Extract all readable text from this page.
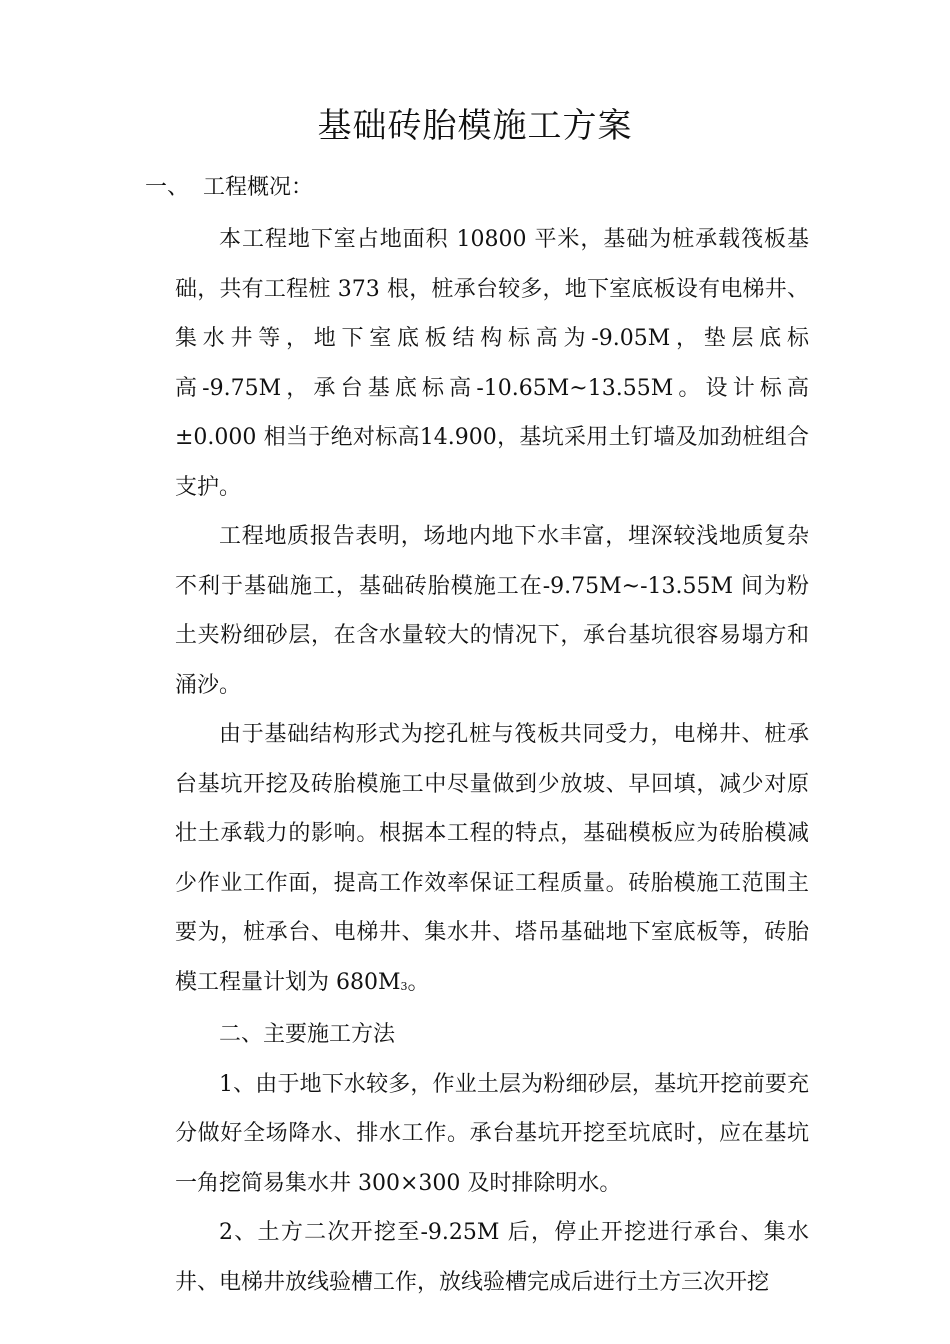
基础砖胎模施工方案
一、 工程概况：

本工程地下室占地面积 10800 平米，基础为桩承载筏板基础，共有工程桩 373 根，桩承台较多，地下室底板设有电梯井、集水井等，地下室底板结构标高为-9.05M，垫层底标高-9.75M，承台基底标高-10.65M~13.55M。设计标高±0.000 相当于绝对标高14.900，基坑采用土钉墙及加劲桩组合支护。

工程地质报告表明，场地内地下水丰富，埋深较浅地质复杂不利于基础施工，基础砖胎模施工在-9.75M~-13.55M 间为粉土夹粉细砂层，在含水量较大的情况下，承台基坑很容易塌方和涌沙。

由于基础结构形式为挖孔桩与筏板共同受力，电梯井、桩承台基坑开挖及砖胎模施工中尽量做到少放坡、早回填，减少对原壮土承载力的影响。根据本工程的特点，基础模板应为砖胎模减少作业工作面，提高工作效率保证工程质量。砖胎模施工范围主要为，桩承台、电梯井、集水井、塔吊基础地下室底板等，砖胎模工程量计划为 $680M^3$。

二、主要施工方法

1、由于地下水较多，作业土层为粉细砂层，基坑开挖前要充分做好全场降水、排水工作。承台基坑开挖至坑底时，应在基坑一角挖简易集水井 300×300 及时排除明水。

2、土方二次开挖至-9.25M 后，停止开挖进行承台、集水井、电梯井放线验槽工作，放线验槽完成后进行土方三次开挖
